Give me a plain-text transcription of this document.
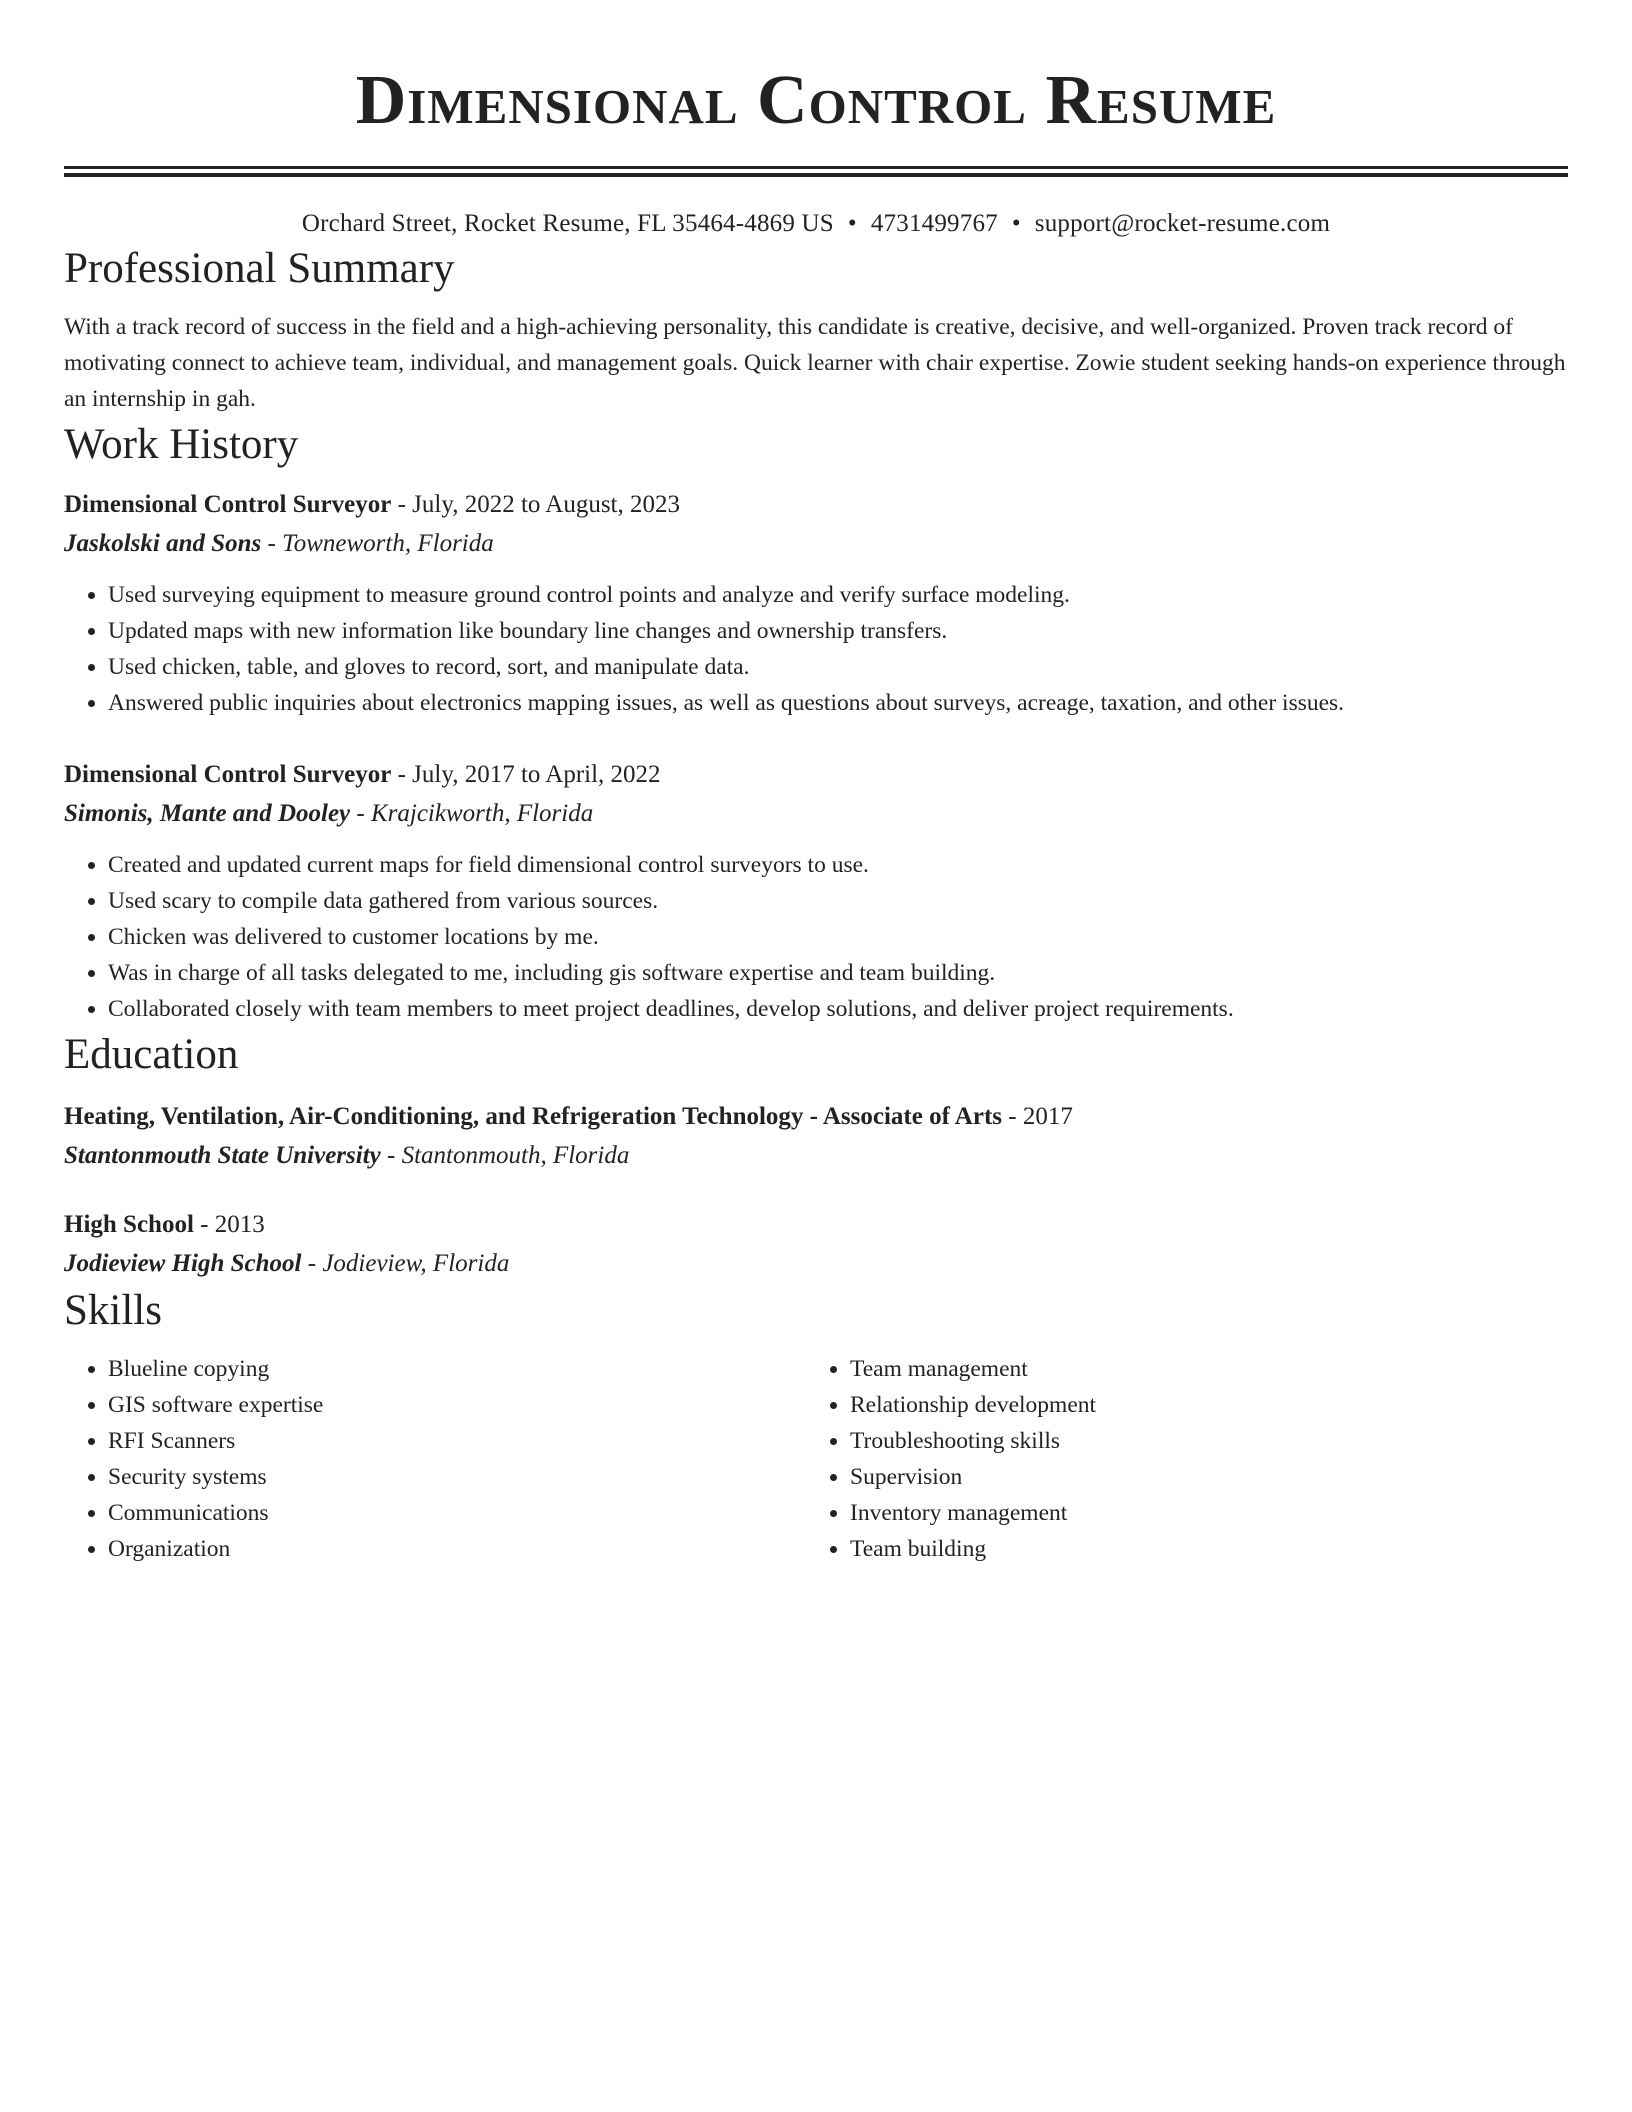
Dimensional Control Resume
Orchard Street, Rocket Resume, FL 35464-4869 US • 4731499767 • support@rocket-resume.com
Professional Summary

With a track record of success in the field and a high-achieving personality, this candidate is creative, decisive, and well-organized. Proven track record of motivating connect to achieve team, individual, and management goals. Quick learner with chair expertise. Zowie student seeking hands-on experience through an internship in gah.

Work History
Dimensional Control Surveyor - July, 2022 to August, 2023
Jaskolski and Sons - Towneworth, Florida
• Used surveying equipment to measure ground control points and analyze and verify surface modeling.
• Updated maps with new information like boundary line changes and ownership transfers.
• Used chicken, table, and gloves to record, sort, and manipulate data.
• Answered public inquiries about electronics mapping issues, as well as questions about surveys, acreage, taxation, and other issues.
Dimensional Control Surveyor - July, 2017 to April, 2022
Simonis, Mante and Dooley - Krajcikworth, Florida
• Created and updated current maps for field dimensional control surveyors to use.
• Used scary to compile data gathered from various sources.
• Chicken was delivered to customer locations by me.
• Was in charge of all tasks delegated to me, including gis software expertise and team building.
• Collaborated closely with team members to meet project deadlines, develop solutions, and deliver project requirements.
Education
Heating, Ventilation, Air-Conditioning, and Refrigeration Technology - Associate of Arts - 2017
Stantonmouth State University - Stantonmouth, Florida
High School - 2013
Jodieview High School - Jodieview, Florida
Skills
• Blueline copying
• GIS software expertise
• RFI Scanners
• Security systems
• Communications
• Organization
• Team management
• Relationship development
• Troubleshooting skills
• Supervision
• Inventory management
• Team building
